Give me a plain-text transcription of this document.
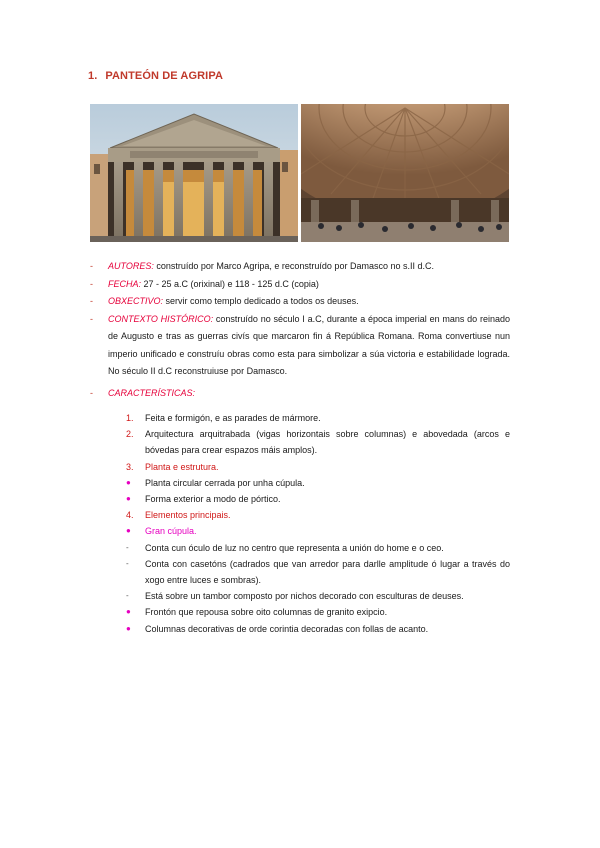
1. PANTEÓN DE AGRIPA
- AUTORES: construído por Marco Agripa, e reconstruído por Damasco no s.II d.C.
- FECHA: 27 - 25 a.C (orixinal) e 118 - 125 d.C (copia)
- OBXECTIVO: servir como templo dedicado a todos os deuses.
- CONTEXTO HISTÓRICO: construído no século I a.C, durante a época imperial en mans do reinado de Augusto e tras as guerras civís que marcaron fin á República Romana. Roma convertiuse nun imperio unificado e construíu obras como esta para simbolizar a súa victoria e estabilidade lograda. No século II d.C reconstruiuse por Damasco.
- CARACTERÍSTICAS:
1. Feita e formigón, e as parades de mármore.
2. Arquitectura arquitrabada (vigas horizontais sobre columnas) e abovedada (arcos e bóvedas para crear espazos máis amplos).
3. Planta e estrutura.
● Planta circular cerrada por unha cúpula.
● Forma exterior a modo de pórtico.
4. Elementos principais.
● Gran cúpula.
- Conta cun óculo de luz no centro que representa a unión do home e o ceo.
- Conta con casetóns (cadrados que van arredor para darlle amplitude ó lugar a través do xogo entre luces e sombras).
- Está sobre un tambor composto por nichos decorado con esculturas de deuses.
● Frontón que repousa sobre oito columnas de granito exipcio.
● Columnas decorativas de orde corintia decoradas con follas de acanto.
